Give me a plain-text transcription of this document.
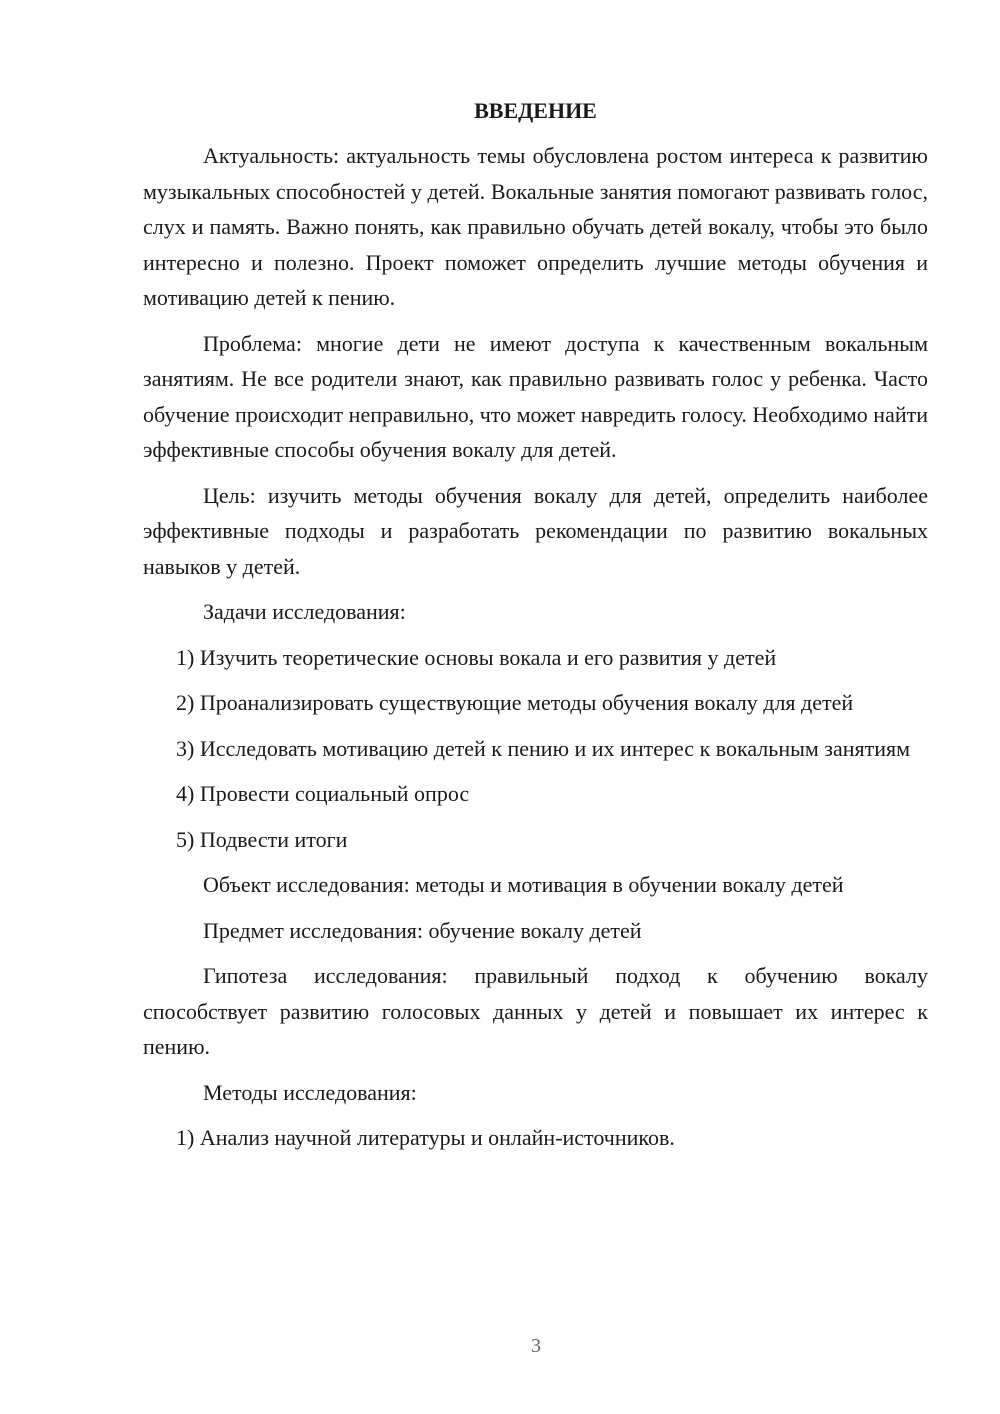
ВВЕДЕНИЕ

Актуальность: актуальность темы обусловлена ростом интереса к развитию музыкальных способностей у детей. Вокальные занятия помогают развивать голос, слух и память. Важно понять, как правильно обучать детей вокалу, чтобы это было интересно и полезно. Проект поможет определить лучшие методы обучения и мотивацию детей к пению.

Проблема: многие дети не имеют доступа к качественным вокальным занятиям. Не все родители знают, как правильно развивать голос у ребенка. Часто обучение происходит неправильно, что может навредить голосу. Необходимо найти эффективные способы обучения вокалу для детей.

Цель: изучить методы обучения вокалу для детей, определить наиболее эффективные подходы и разработать рекомендации по развитию вокальных навыков у детей.

Задачи исследования:

1) Изучить теоретические основы вокала и его развития у детей

2) Проанализировать существующие методы обучения вокалу для детей

3) Исследовать мотивацию детей к пению и их интерес к вокальным занятиям

4) Провести социальный опрос

5) Подвести итоги

Объект исследования: методы и мотивация в обучении вокалу детей

Предмет исследования: обучение вокалу детей

Гипотеза исследования: правильный подход к обучению вокалу способствует развитию голосовых данных у детей и повышает их интерес к пению.

Методы исследования:

1) Анализ научной литературы и онлайн-источников.

3
